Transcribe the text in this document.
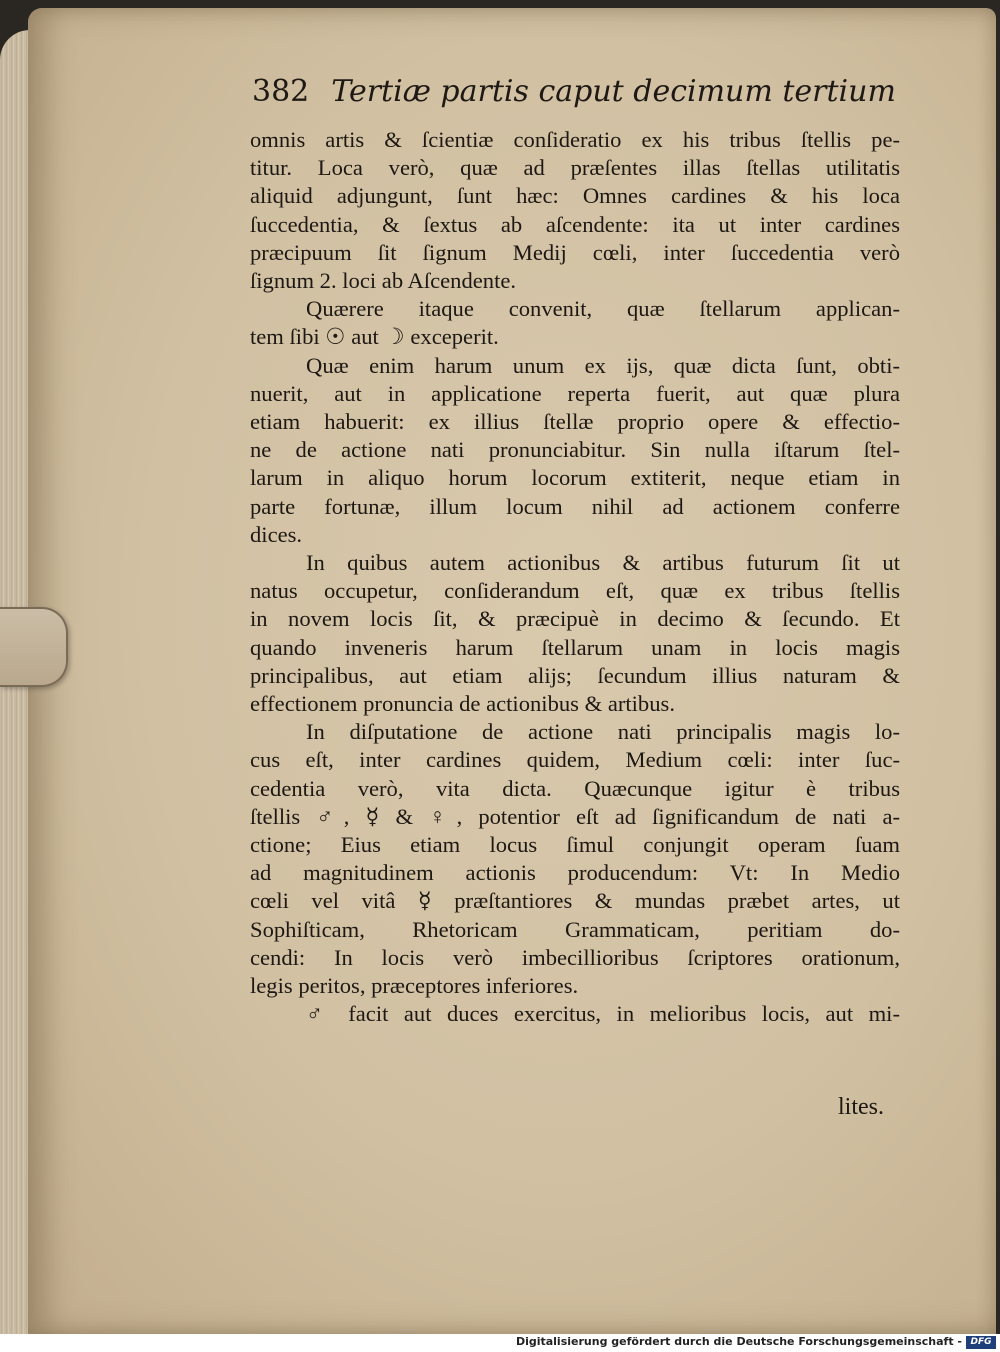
382 Tertiæ partis caput decimum tertium
omnis artis & ſcientiæ conſideratio ex his tribus ſtellis pe-
titur. Loca verò, quæ ad præſentes illas ſtellas utilitatis
aliquid adjungunt, ſunt hæc: Omnes cardines & his loca
ſuccedentia, & ſextus ab aſcendente: ita ut inter cardines
præcipuum ſit ſignum Medij cœli, inter ſuccedentia verò
ſignum 2. loci ab Aſcendente.
Quærere itaque convenit, quæ ſtellarum applican-
tem ſibi ☉ aut ☽ exceperit.
Quæ enim harum unum ex ijs, quæ dicta ſunt, obti-
nuerit, aut in applicatione reperta fuerit, aut quæ plura
etiam habuerit: ex illius ſtellæ proprio opere & effectio-
ne de actione nati pronunciabitur. Sin nulla iſtarum ſtel-
larum in aliquo horum locorum extiterit, neque etiam in
parte fortunæ, illum locum nihil ad actionem conferre
dices.
In quibus autem actionibus & artibus futurum ſit ut
natus occupetur, conſiderandum eſt, quæ ex tribus ſtellis
in novem locis ſit, & præcipuè in decimo & ſecundo. Et
quando inveneris harum ſtellarum unam in locis magis
principalibus, aut etiam alijs; ſecundum illius naturam &
effectionem pronuncia de actionibus & artibus.
In diſputatione de actione nati principalis magis lo-
cus eſt, inter cardines quidem, Medium cœli: inter ſuc-
cedentia verò, vita dicta. Quæcunque igitur è tribus
ſtellis ♂, ☿ & ♀, potentior eſt ad ſignificandum de nati a-
ctione; Eius etiam locus ſimul conjungit operam ſuam
ad magnitudinem actionis producendum: Vt: In Medio
cœli vel vitâ ☿ præſtantiores & mundas præbet artes, ut
Sophiſticam, Rhetoricam Grammaticam, peritiam do-
cendi: In locis verò imbecillioribus ſcriptores orationum,
legis peritos, præceptores inferiores.
♂ facit aut duces exercitus, in melioribus locis, aut mi-
lites.
Digitalisierung gefördert durch die Deutsche Forschungsgemeinschaft - DFG
